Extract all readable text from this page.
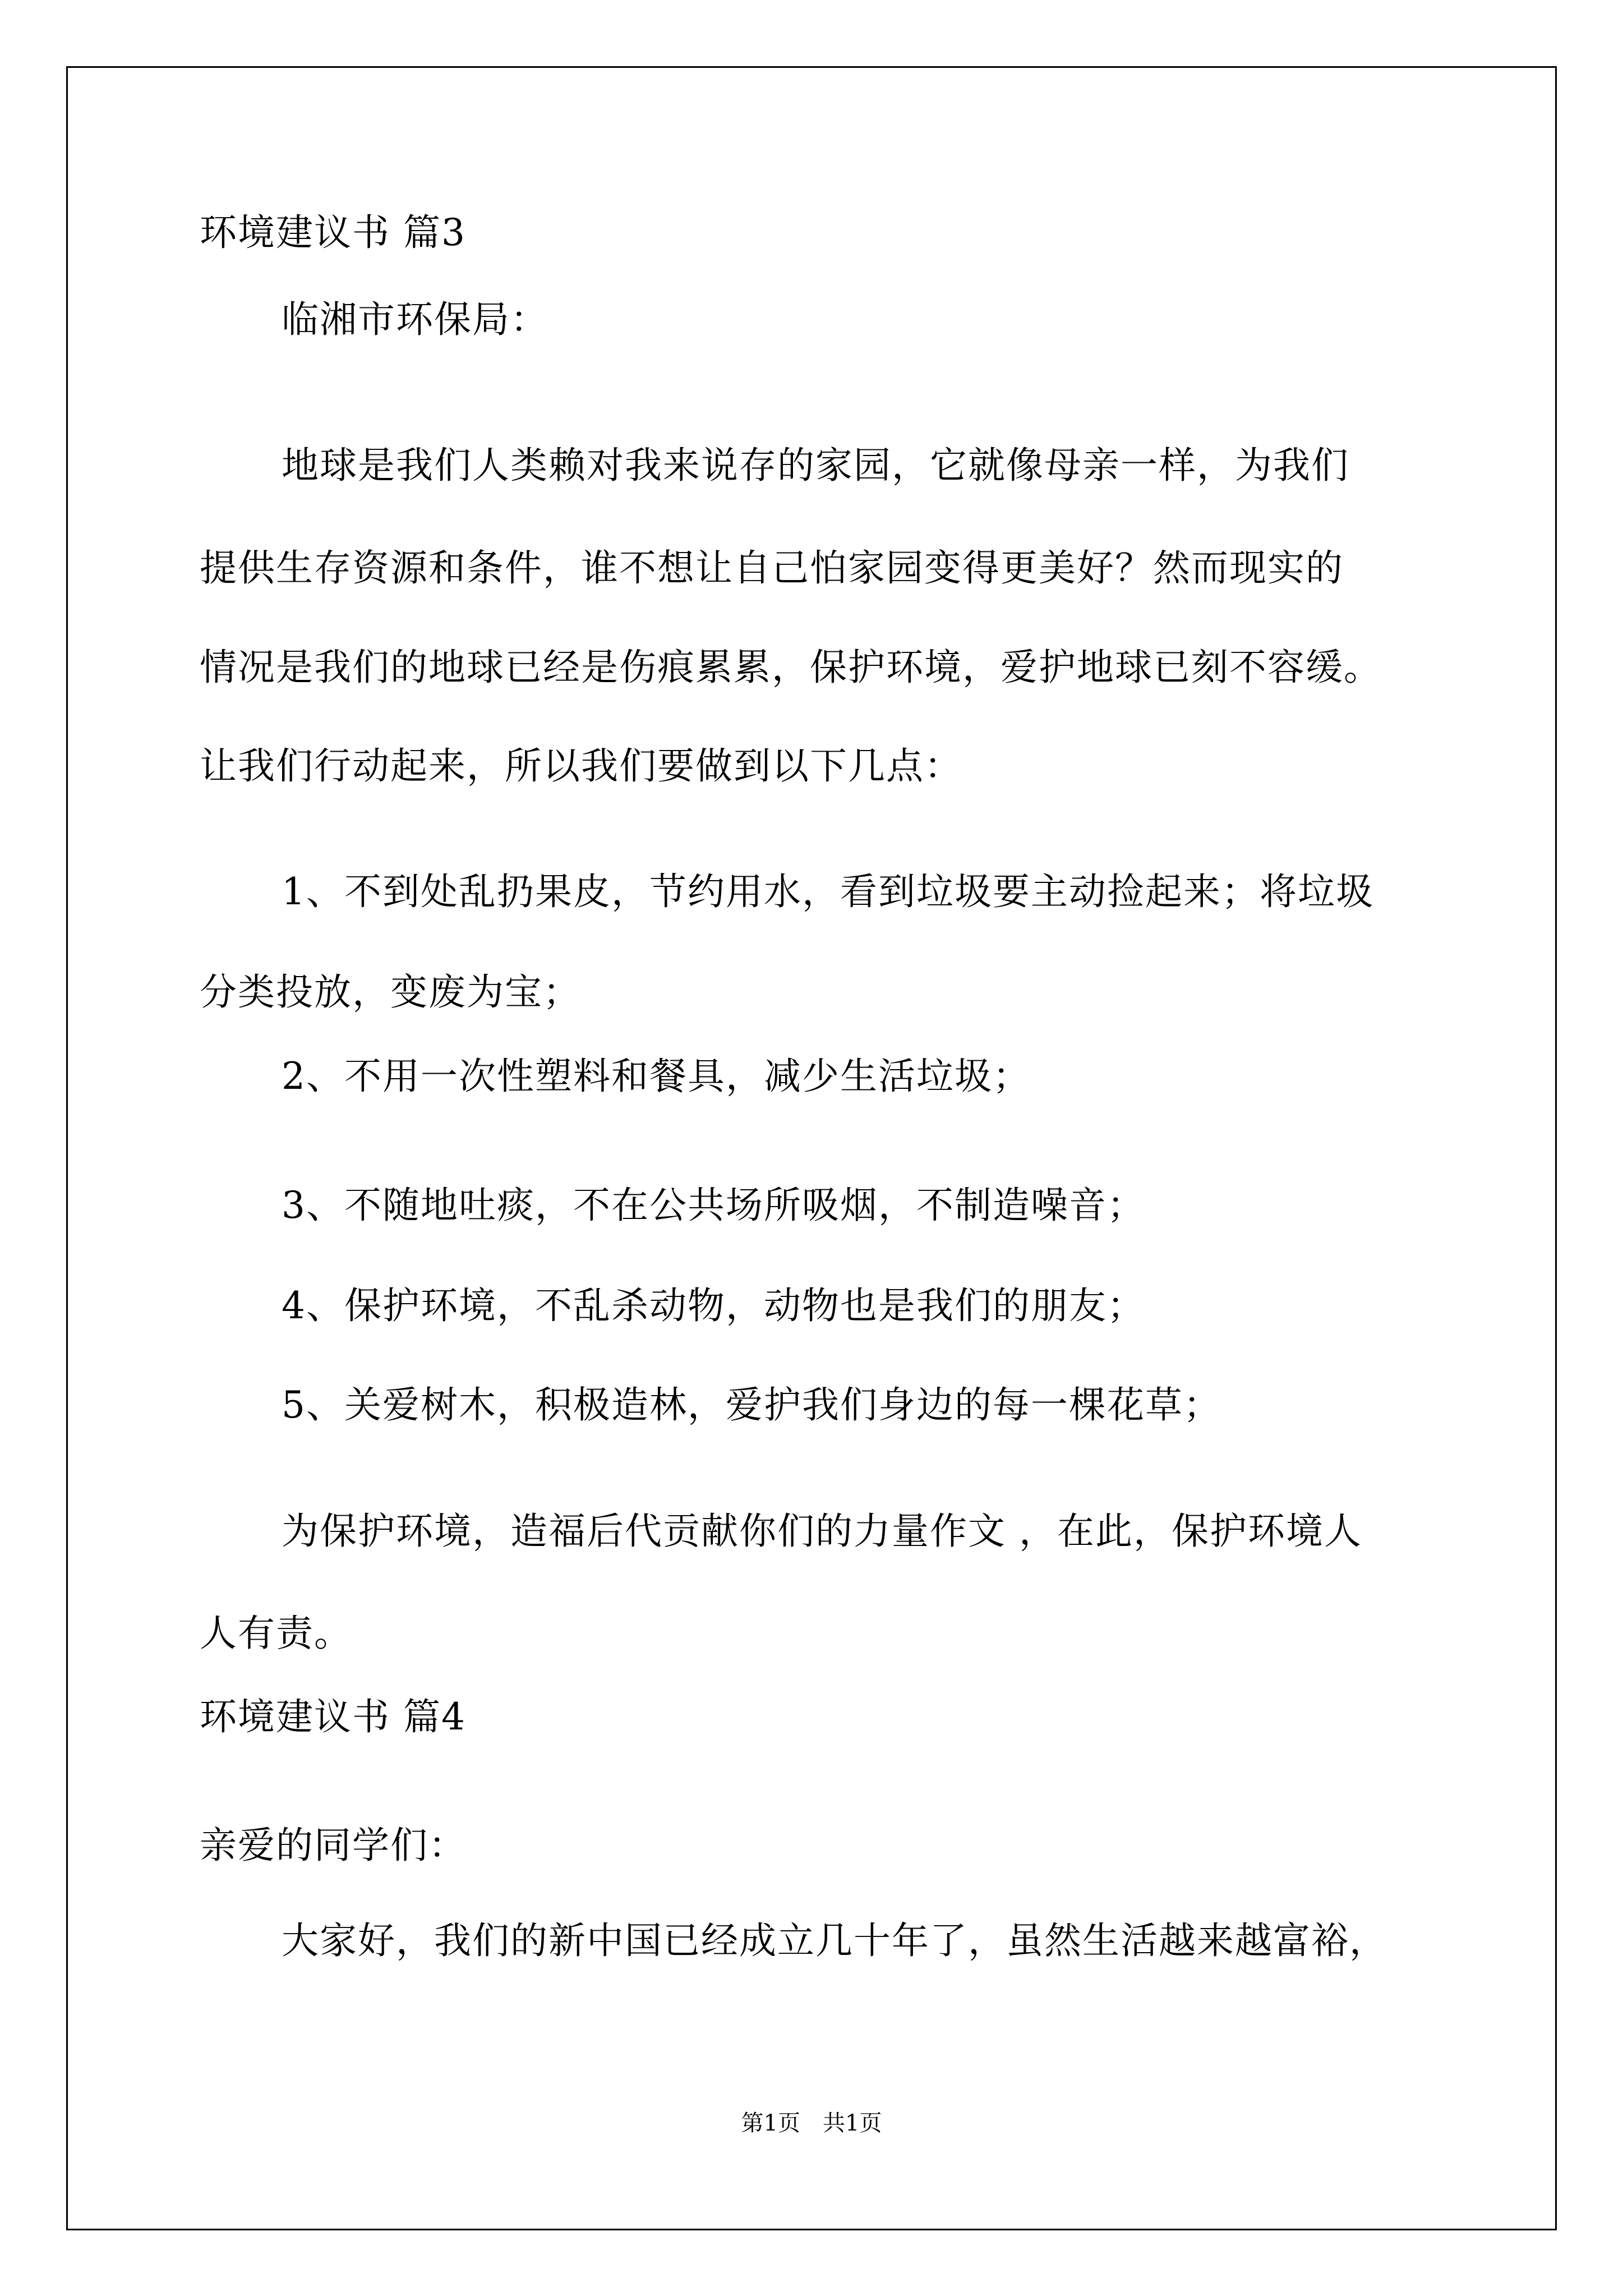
环境建议书 篇3
临湘市环保局：
地球是我们人类赖对我来说存的家园，它就像母亲一样，为我们
提供生存资源和条件，谁不想让自己怕家园变得更美好？然而现实的
情况是我们的地球已经是伤痕累累，保护环境，爱护地球已刻不容缓。
让我们行动起来，所以我们要做到以下几点：
1、不到处乱扔果皮，节约用水，看到垃圾要主动捡起来；将垃圾
分类投放，变废为宝；
2、不用一次性塑料和餐具，减少生活垃圾；
3、不随地吐痰，不在公共场所吸烟，不制造噪音；
4、保护环境，不乱杀动物，动物也是我们的朋友；
5、关爱树木，积极造林，爱护我们身边的每一棵花草；
为保护环境，造福后代贡献你们的力量作文 ，在此，保护环境人
人有责。
环境建议书 篇4
亲爱的同学们：
大家好，我们的新中国已经成立几十年了，虽然生活越来越富裕，
第1页　共1页
